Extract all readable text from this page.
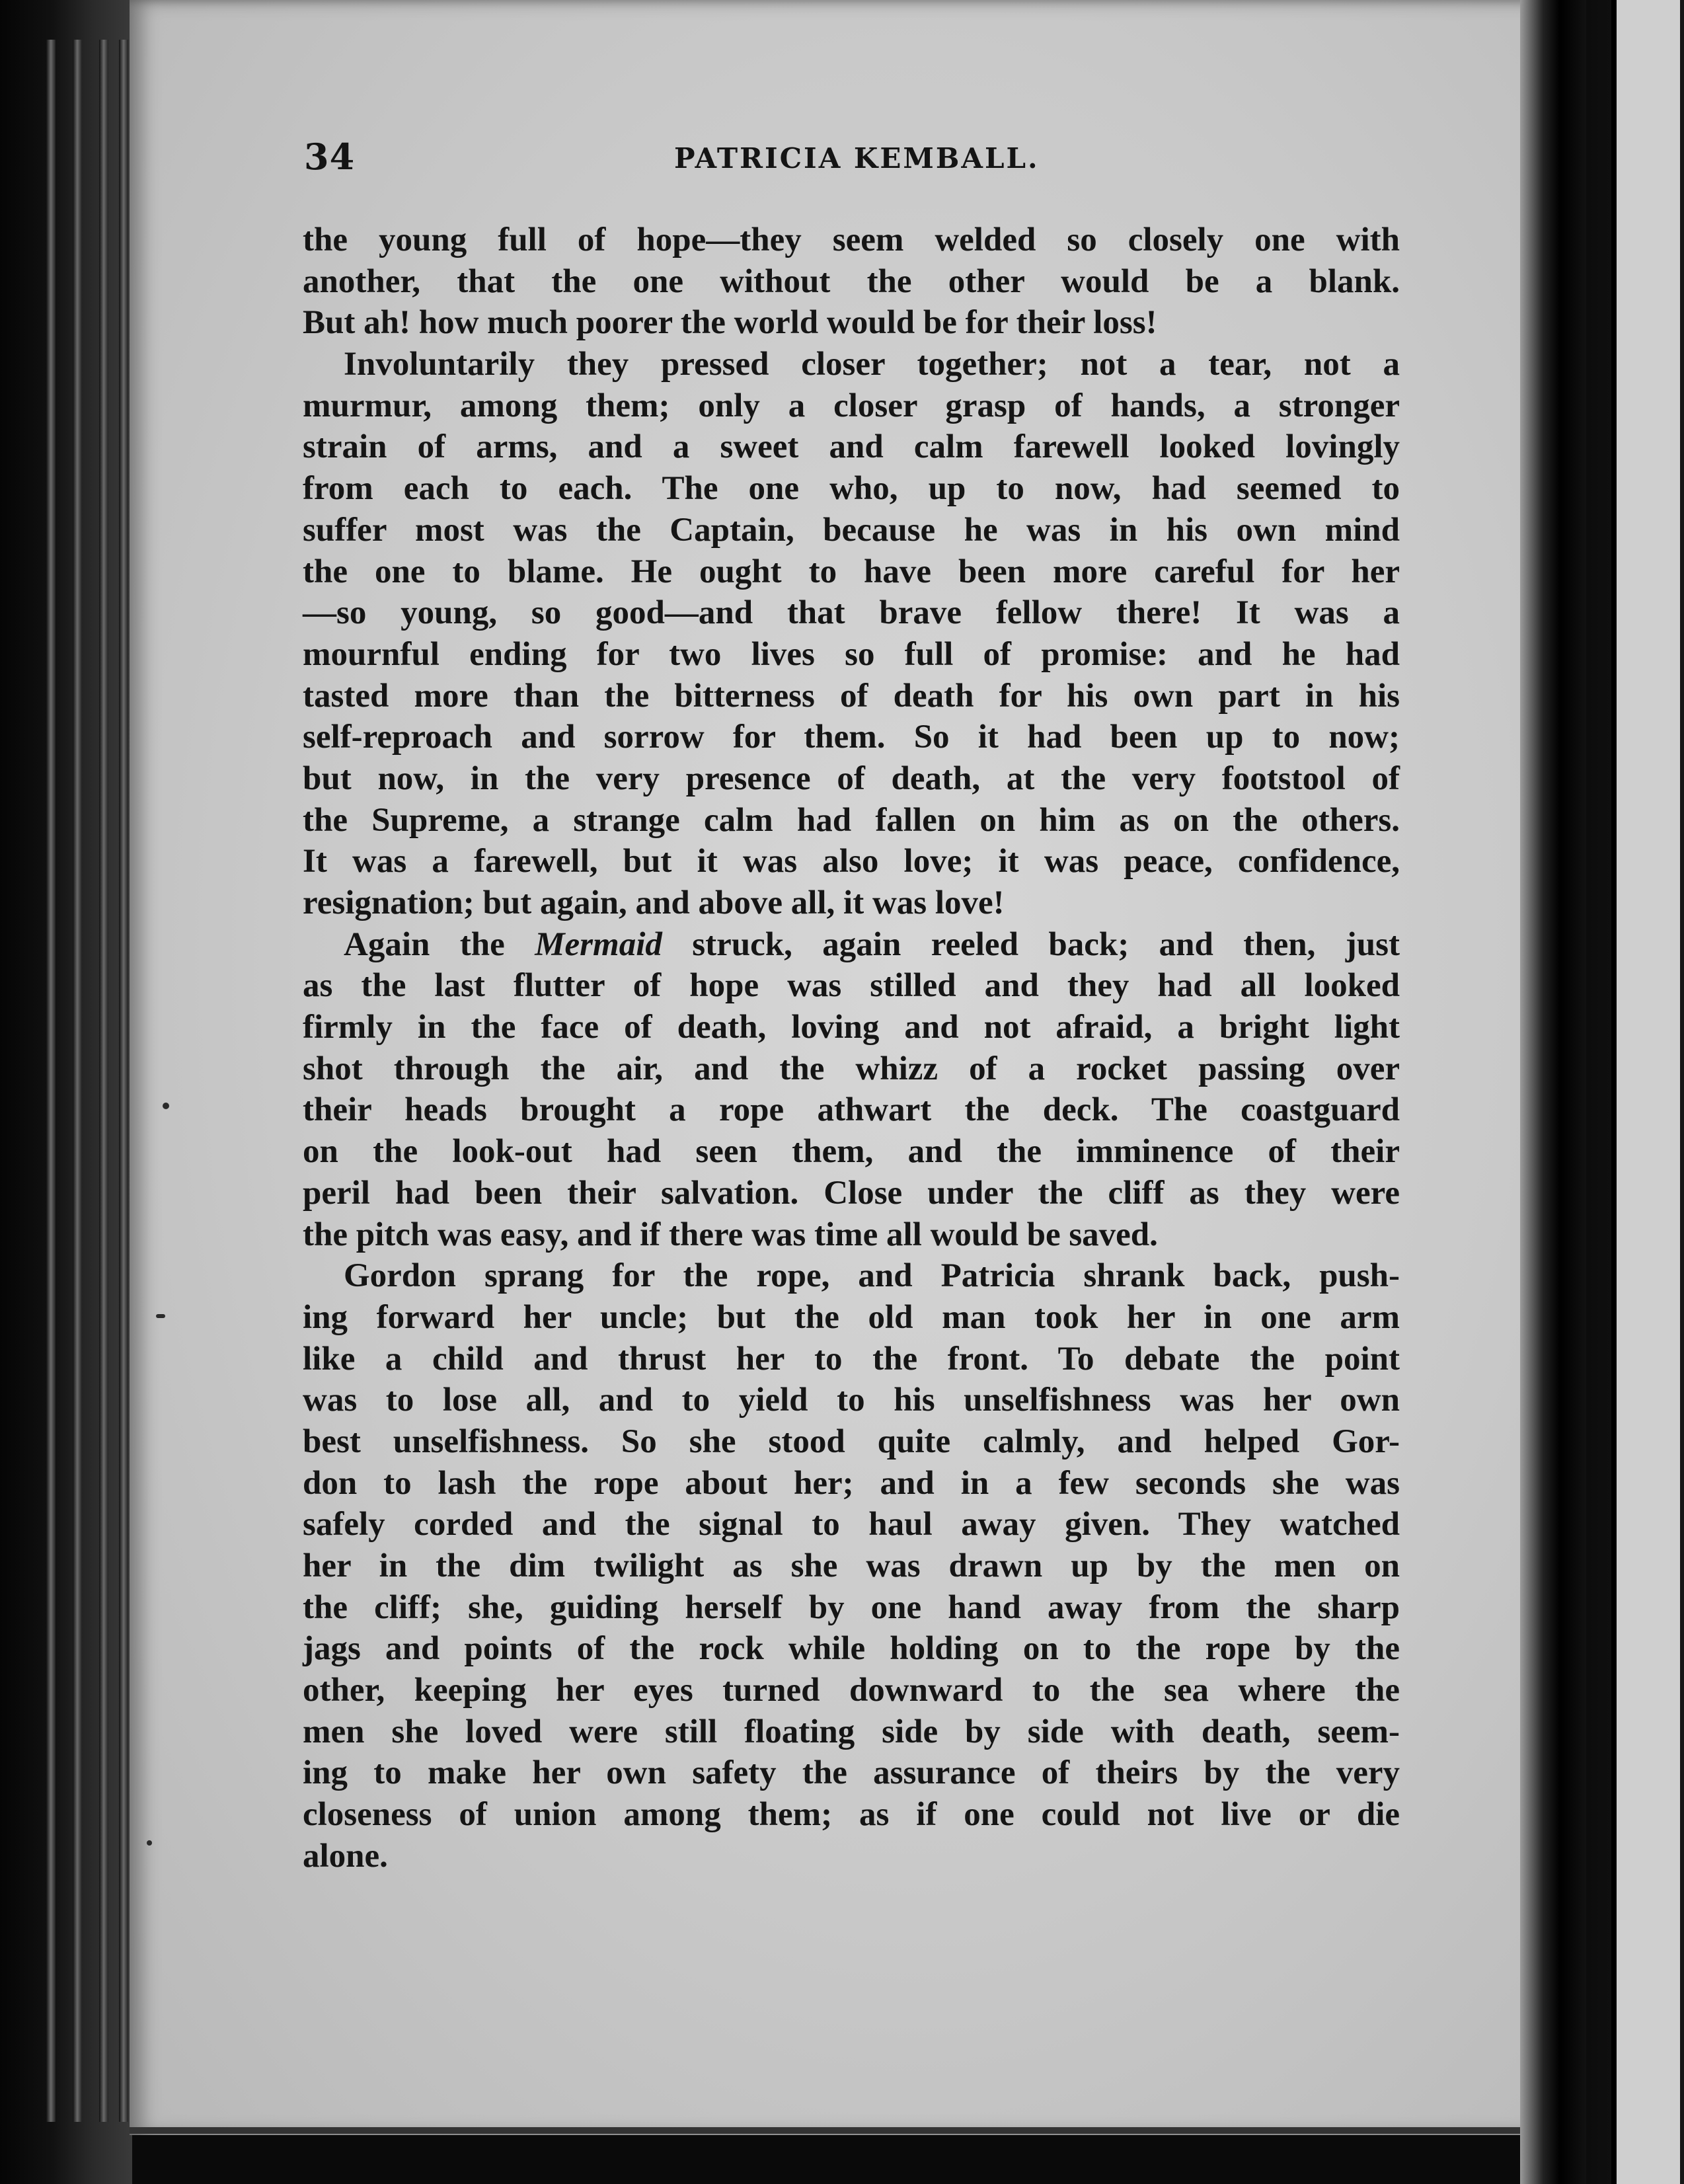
34	PATRICIA KEMBALL.
the young full of hope—they seem welded so closely one with
another, that the one without the other would be a blank.
But ah! how much poorer the world would be for their loss!
Involuntarily they pressed closer together; not a tear, not a
murmur, among them; only a closer grasp of hands, a stronger
strain of arms, and a sweet and calm farewell looked lovingly
from each to each. The one who, up to now, had seemed to
suffer most was the Captain, because he was in his own mind
the one to blame. He ought to have been more careful for her
—so young, so good—and that brave fellow there! It was a
mournful ending for two lives so full of promise: and he had
tasted more than the bitterness of death for his own part in his
self-reproach and sorrow for them. So it had been up to now;
but now, in the very presence of death, at the very footstool of
the Supreme, a strange calm had fallen on him as on the others.
It was a farewell, but it was also love; it was peace, confidence,
resignation; but again, and above all, it was love!
Again the Mermaid struck, again reeled back; and then, just
as the last flutter of hope was stilled and they had all looked
firmly in the face of death, loving and not afraid, a bright light
shot through the air, and the whizz of a rocket passing over
their heads brought a rope athwart the deck. The coastguard
on the look-out had seen them, and the imminence of their
peril had been their salvation. Close under the cliff as they were
the pitch was easy, and if there was time all would be saved.
Gordon sprang for the rope, and Patricia shrank back, push-
ing forward her uncle; but the old man took her in one arm
like a child and thrust her to the front. To debate the point
was to lose all, and to yield to his unselfishness was her own
best unselfishness. So she stood quite calmly, and helped Gor-
don to lash the rope about her; and in a few seconds she was
safely corded and the signal to haul away given. They watched
her in the dim twilight as she was drawn up by the men on
the cliff; she, guiding herself by one hand away from the sharp
jags and points of the rock while holding on to the rope by the
other, keeping her eyes turned downward to the sea where the
men she loved were still floating side by side with death, seem-
ing to make her own safety the assurance of theirs by the very
closeness of union among them; as if one could not live or die
alone.
